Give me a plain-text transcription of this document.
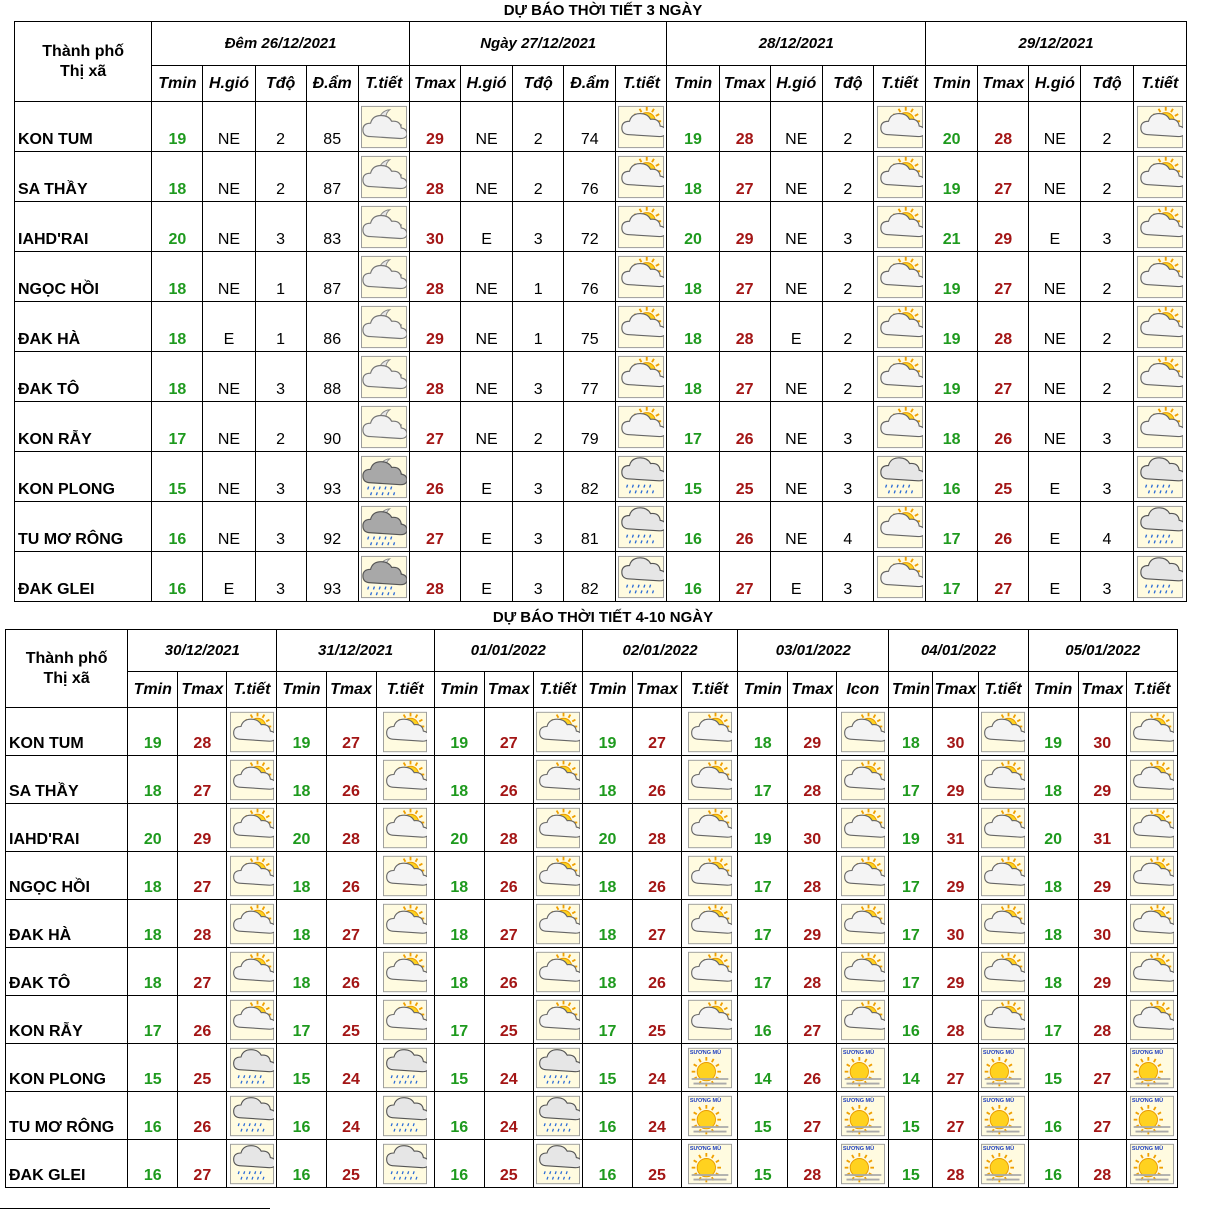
DỰ BÁO THỜI TIẾT 3 NGÀY
Thành phố
Thị xã	Đêm 26/12/2021					Ngày 27/12/2021					28/12/2021					29/12/2021				
	Tmin	H.gió	Tđộ	Đ.ẩm	T.tiết	Tmax	H.gió	Tđộ	Đ.ẩm	T.tiết	Tmin	Tmax	H.gió	Tđộ	T.tiết	Tmin	Tmax	H.gió	Tđộ	T.tiết
KON TUM	19	NE	2	85		29	NE	2	74		19	28	NE	2		20	28	NE	2	

SA THẦY	18	NE	2	87		28	NE	2	76		18	27	NE	2		19	27	NE	2	

IAHD'RAI	20	NE	3	83		30	E	3	72		20	29	NE	3		21	29	E	3	

NGỌC HỒI	18	NE	1	87		28	NE	1	76		18	27	NE	2		19	27	NE	2	

ĐAK HÀ	18	E	1	86		29	NE	1	75		18	28	E	2		19	28	NE	2	

ĐAK TÔ	18	NE	3	88		28	NE	3	77		18	27	NE	2		19	27	NE	2	

KON RẪY	17	NE	2	90		27	NE	2	79		17	26	NE	3		18	26	NE	3	

KON PLONG	15	NE	3	93		26	E	3	82		15	25	NE	3		16	25	E	3	

TU MƠ RÔNG	16	NE	3	92		27	E	3	81		16	26	NE	4		17	26	E	4	

ĐAK GLEI	16	E	3	93		28	E	3	82		16	27	E	3		17	27	E	3	
DỰ BÁO THỜI TIẾT 4-10 NGÀY
Thành phố
Thị xã	30/12/2021			31/12/2021			01/01/2022			02/01/2022			03/01/2022			04/01/2022			05/01/2022		
	Tmin	Tmax	T.tiết	Tmin	Tmax	T.tiết	Tmin	Tmax	T.tiết	Tmin	Tmax	T.tiết	Tmin	Tmax	Icon	Tmin	Tmax	T.tiết	Tmin	Tmax	T.tiết
KON TUM	19	28		19	27		19	27		19	27		18	29		18	30		19	30	

SA THẦY	18	27		18	26		18	26		18	26		17	28		17	29		18	29	

IAHD'RAI	20	29		20	28		20	28		20	28		19	30		19	31		20	31	

NGỌC HỒI	18	27		18	26		18	26		18	26		17	28		17	29		18	29	

ĐAK HÀ	18	28		18	27		18	27		18	27		17	29		17	30		18	30	

ĐAK TÔ	18	27		18	26		18	26		18	26		17	28		17	29		18	29	

KON RẪY	17	26		17	25		17	25		17	25		16	27		16	28		17	28	

KON PLONG	15	25		15	24		15	24		15	24	SƯƠNG MÙ	14	26	SƯƠNG MÙ	14	27	SƯƠNG MÙ	15	27	SƯƠNG MÙ

TU MƠ RÔNG	16	26		16	24		16	24		16	24	SƯƠNG MÙ	15	27	SƯƠNG MÙ	15	27	SƯƠNG MÙ	16	27	SƯƠNG MÙ

ĐAK GLEI	16	27		16	25		16	25		16	25	SƯƠNG MÙ	15	28	SƯƠNG MÙ	15	28	SƯƠNG MÙ	16	28	SƯƠNG MÙ
